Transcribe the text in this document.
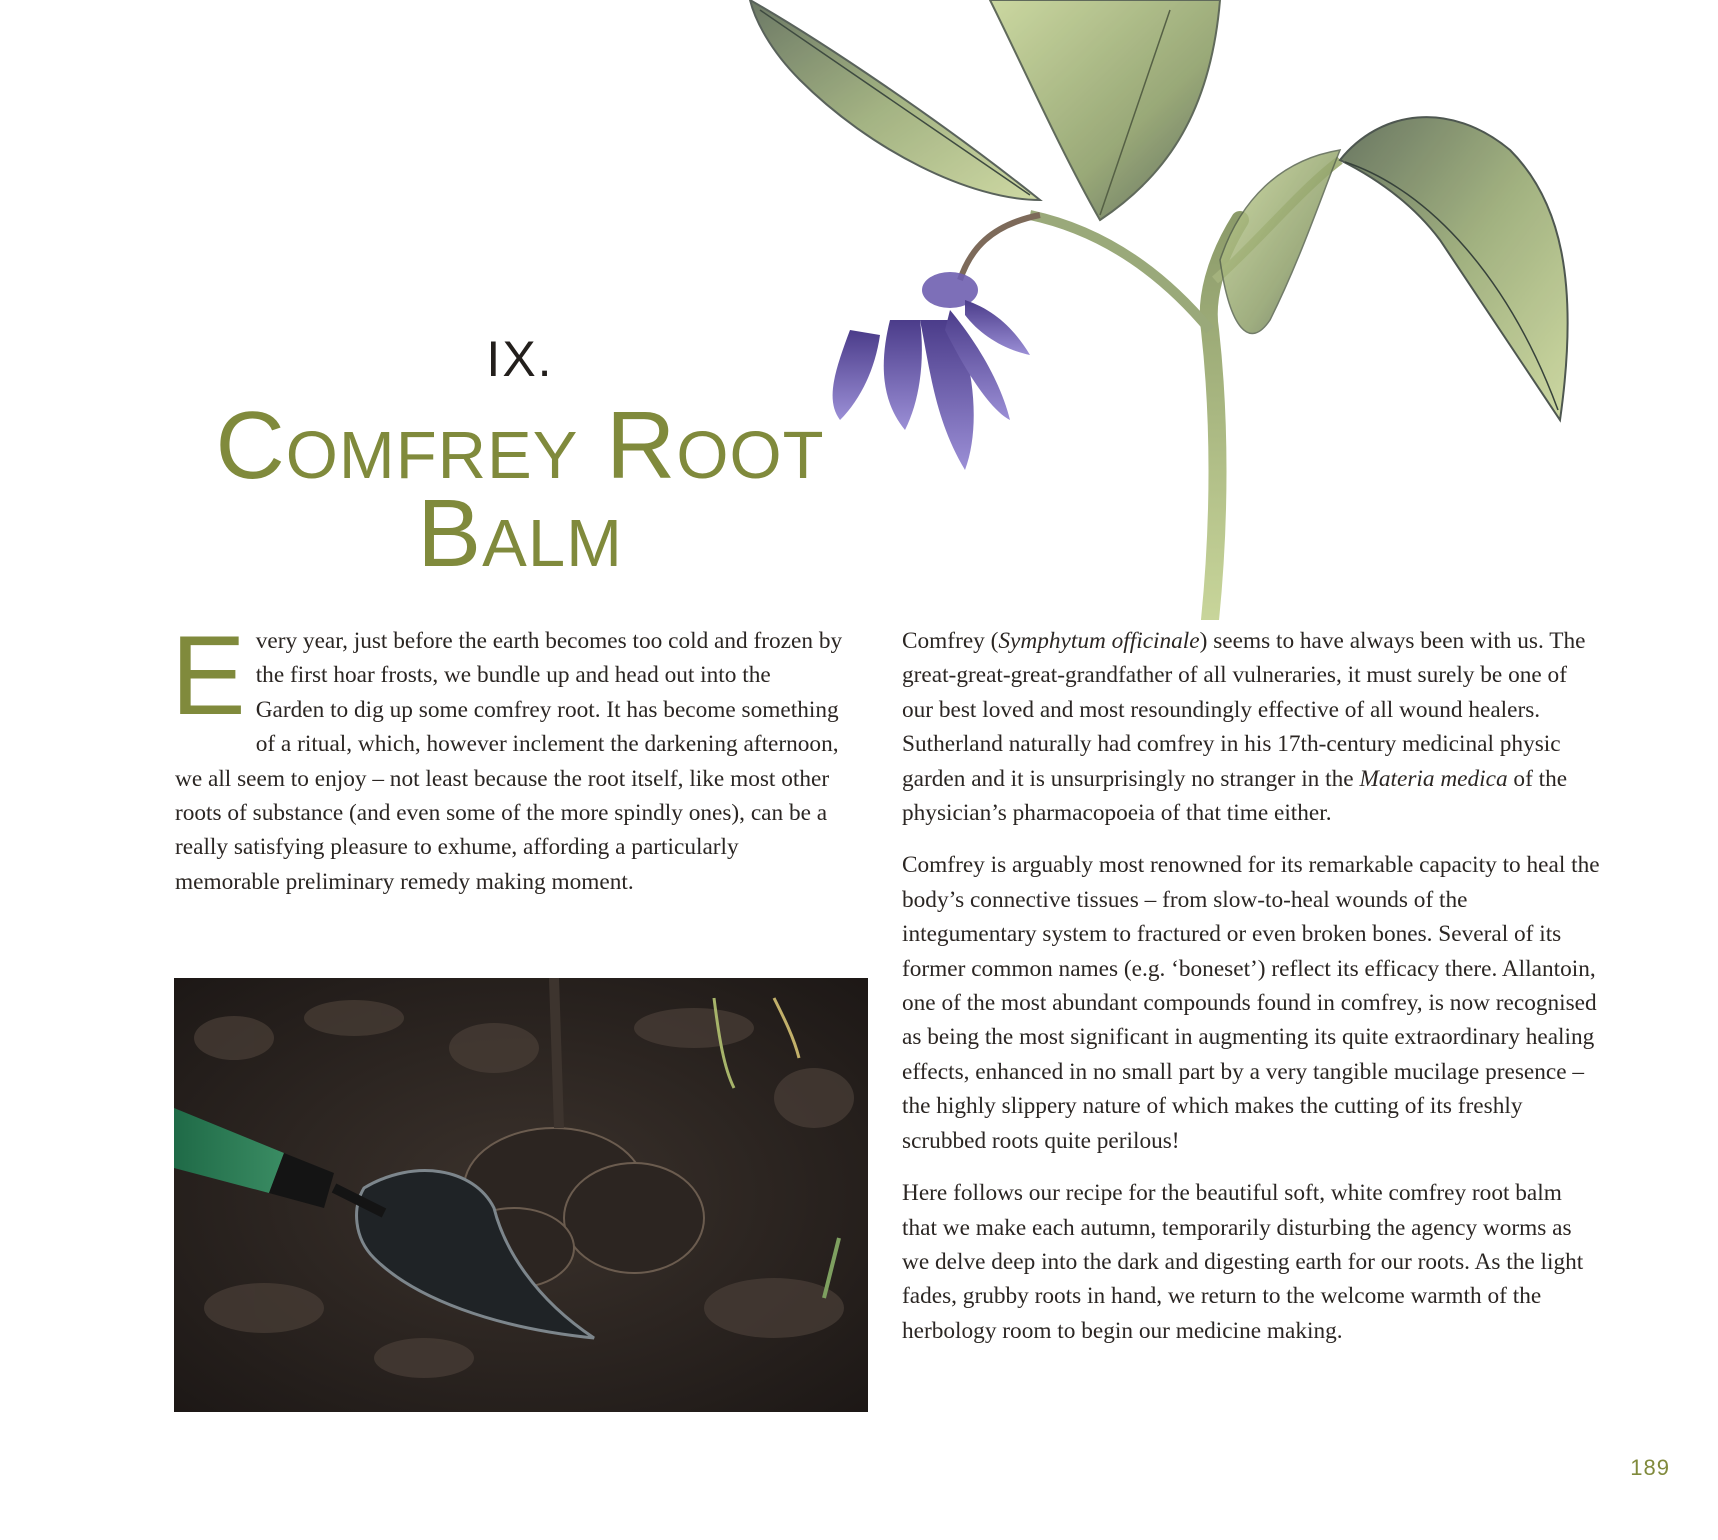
IX.
Comfrey Root
Balm

Every year, just before the earth becomes too cold and frozen by the first hoar frosts, we bundle up and head out into the Garden to dig up some comfrey root. It has become something of a ritual, which, however inclement the darkening afternoon, we all seem to enjoy – not least because the root itself, like most other roots of substance (and even some of the more spindly ones), can be a really satisfying pleasure to exhume, affording a particularly memorable preliminary remedy making moment.

Comfrey (Symphytum officinale) seems to have always been with us. The great-great-great-grandfather of all vulneraries, it must surely be one of our best loved and most resoundingly effective of all wound healers. Sutherland naturally had comfrey in his 17th-century medicinal physic garden and it is unsurprisingly no stranger in the Materia medica of the physician’s pharmacopoeia of that time either.

Comfrey is arguably most renowned for its remarkable capacity to heal the body’s connective tissues – from slow-to-heal wounds of the integumentary system to fractured or even broken bones. Several of its former common names (e.g. ‘boneset’) reflect its efficacy there. Allantoin, one of the most abundant compounds found in comfrey, is now recognised as being the most significant in augmenting its quite extraordinary healing effects, enhanced in no small part by a very tangible mucilage presence – the highly slippery nature of which makes the cutting of its freshly scrubbed roots quite perilous!

Here follows our recipe for the beautiful soft, white comfrey root balm that we make each autumn, temporarily disturbing the agency worms as we delve deep into the dark and digesting earth for our roots. As the light fades, grubby roots in hand, we return to the welcome warmth of the herbology room to begin our medicine making.

189
